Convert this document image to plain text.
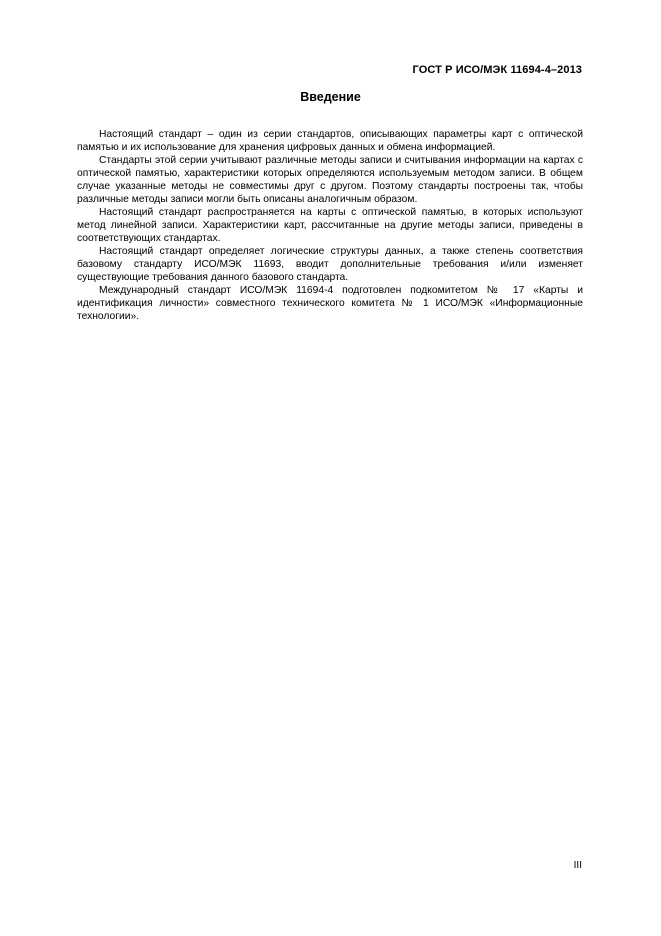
ГОСТ Р ИСО/МЭК 11694-4–2013
Введение

Настоящий стандарт – один из серии стандартов, описывающих параметры карт с оптической памятью и их использование для хранения цифровых данных и обмена информацией.

Стандарты этой серии учитывают различные методы записи и считывания информации на картах с оптической памятью, характеристики которых определяются используемым методом записи. В общем случае указанные методы не совместимы друг с другом. Поэтому стандарты построены так, чтобы различные методы записи могли быть описаны аналогичным образом.

Настоящий стандарт распространяется на карты с оптической памятью, в которых используют метод линейной записи. Характеристики карт, рассчитанные на другие методы записи, приведены в соответствующих стандартах.

Настоящий стандарт определяет логические структуры данных, а также степень соответствия базовому стандарту ИСО/МЭК 11693, вводит дополнительные требования и/или изменяет существующие требования данного базового стандарта.

Международный стандарт ИСО/МЭК 11694-4 подготовлен подкомитетом № 17 «Карты и идентификация личности» совместного технического комитета № 1 ИСО/МЭК «Информационные технологии».

III
